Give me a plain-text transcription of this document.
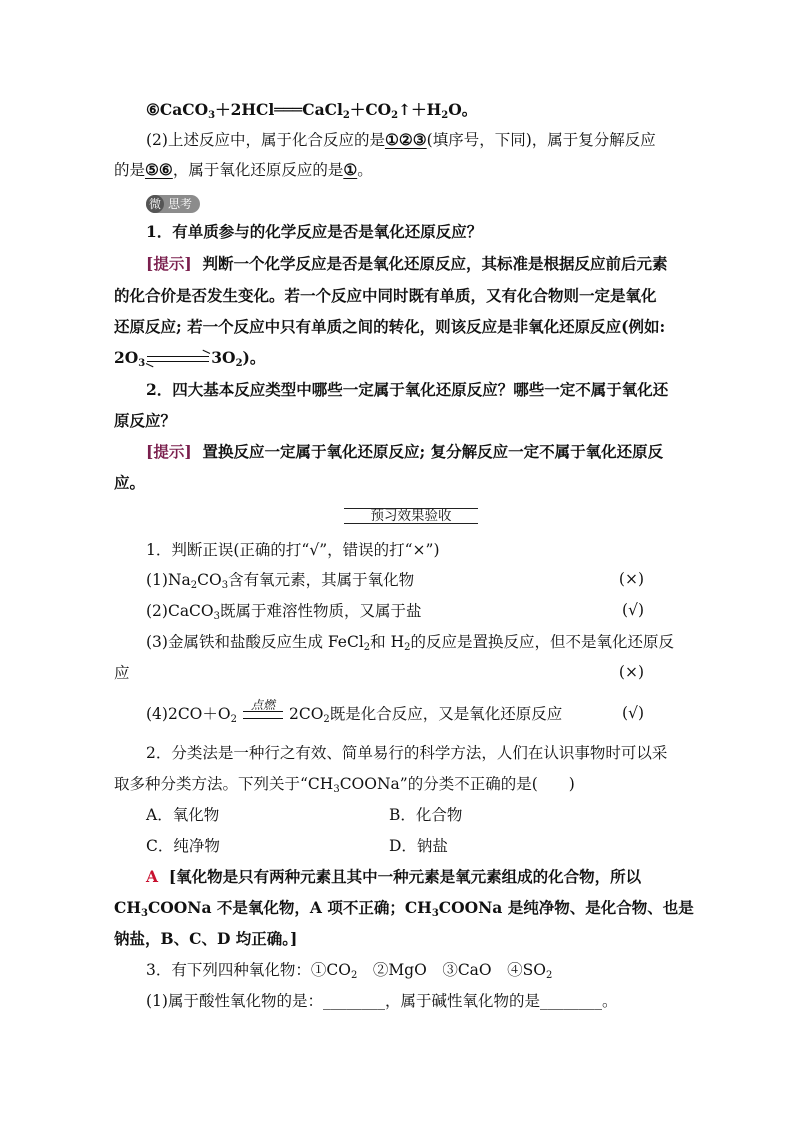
$⑥CaCO_3+2HCl═══CaCl_2+CO_2↑+H_2O$。
(2)上述反应中，属于化合反应的是①②③(填序号，下同)，属于复分解反应
的是⑤⑥，属于氧化还原反应的是①。
微 思考
1．有单质参与的化学反应是否是氧化还原反应？
[提示] 判断一个化学反应是否是氧化还原反应，其标准是根据反应前后元素
的化合价是否发生变化。若一个反应中同时既有单质，又有化合物则一定是氧化
还原反应; 若一个反应中只有单质之间的转化，则该反应是非氧化还原反应(例如:
$2O_3$	$3O_2$)。
2．四大基本反应类型中哪些一定属于氧化还原反应？哪些一定不属于氧化还
原反应？
[提示] 置换反应一定属于氧化还原反应; 复分解反应一定不属于氧化还原反
应。
预习效果验收
1．判断正误(正确的打“√”，错误的打“×”)
$(1)Na_2CO_3$含有氧元素，其属于氧化物	(×)
(2)CaCO$_3$既属于难溶性物质，又属于盐	(√)
(3)金属铁和盐酸反应生成 FeCl$_2$和 $H_2$的反应是置换反应，但不是氧化还原反
应	(×)
$(4)2CO+O_2$
点燃 $2CO_2$既是化合反应，又是氧化还原反应	(√)
2．分类法是一种行之有效、简单易行的科学方法，人们在认识事物时可以采
取多种分类方法。下列关于“$CH_3COONa$”的分类不正确的是(　　)
A．氧化物	B．化合物
C．纯净物	D．钠盐
A [氧化物是只有两种元素且其中一种元素是氧元素组成的化合物，所以
$CH_3COONa$ 不是氧化物，A 项不正确；$CH_3COONa$ 是纯净物、是化合物、也是
钠盐，B、C、D 均正确。]
3．有下列四种氧化物：$①CO_2$　②MgO　③CaO　$④SO_2$
(1)属于酸性氧化物的是：________，属于碱性氧化物的是________。
